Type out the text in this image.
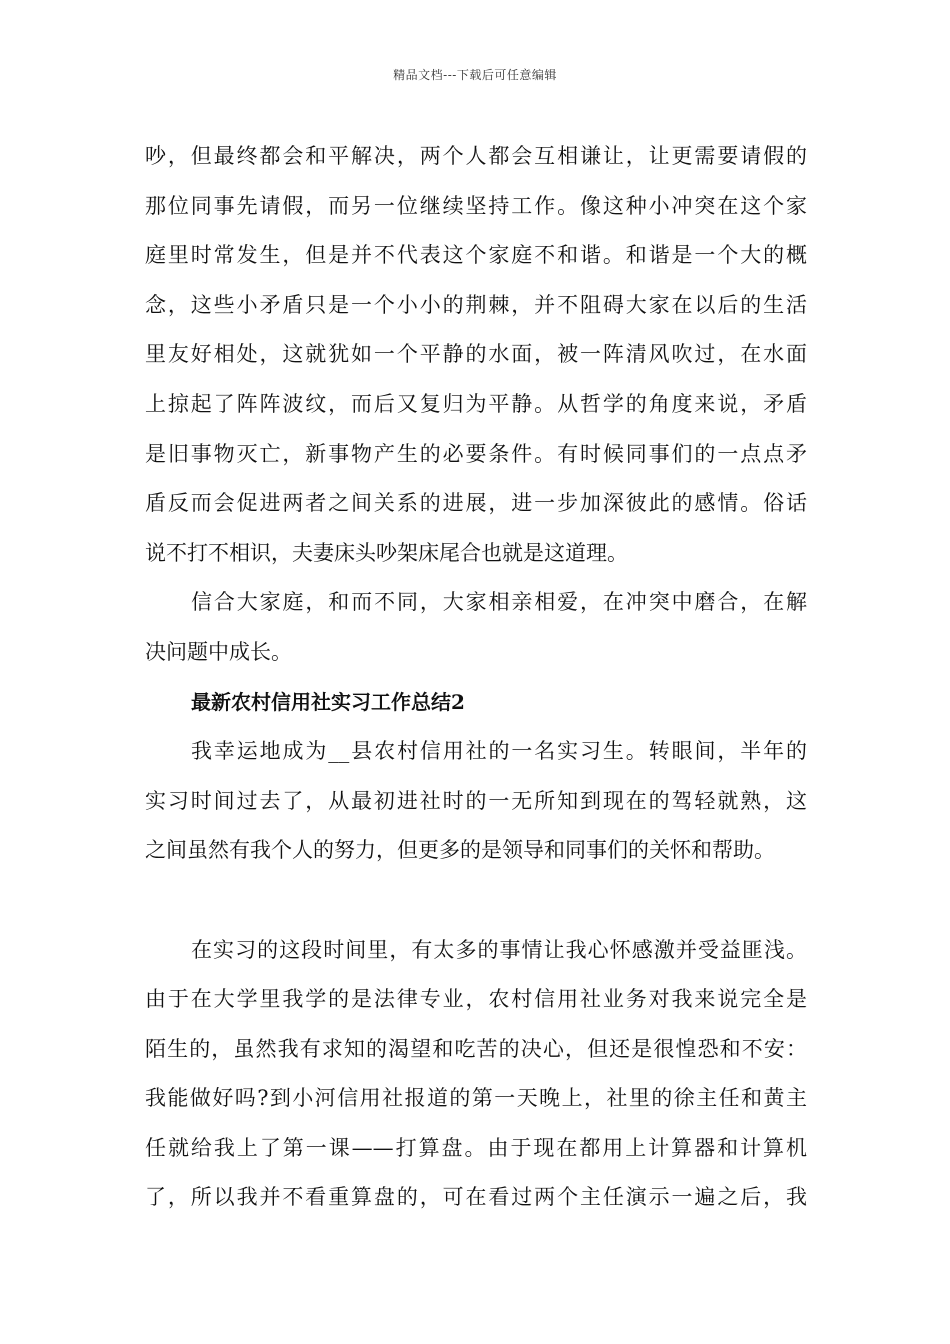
精品文档---下载后可任意编辑

吵，但最终都会和平解决，两个人都会互相谦让，让更需要请假的
那位同事先请假，而另一位继续坚持工作。像这种小冲突在这个家
庭里时常发生，但是并不代表这个家庭不和谐。和谐是一个大的概
念，这些小矛盾只是一个小小的荆棘，并不阻碍大家在以后的生活
里友好相处，这就犹如一个平静的水面，被一阵清风吹过，在水面
上掠起了阵阵波纹，而后又复归为平静。从哲学的角度来说，矛盾
是旧事物灭亡，新事物产生的必要条件。有时候同事们的一点点矛
盾反而会促进两者之间关系的进展，进一步加深彼此的感情。俗话
说不打不相识，夫妻床头吵架床尾合也就是这道理。

信合大家庭，和而不同，大家相亲相爱，在冲突中磨合，在解
决问题中成长。

最新农村信用社实习工作总结2

我幸运地成为__县农村信用社的一名实习生。转眼间，半年的
实习时间过去了，从最初进社时的一无所知到现在的驾轻就熟，这
之间虽然有我个人的努力，但更多的是领导和同事们的关怀和帮助。

在实习的这段时间里，有太多的事情让我心怀感激并受益匪浅。
由于在大学里我学的是法律专业，农村信用社业务对我来说完全是
陌生的，虽然我有求知的渴望和吃苦的决心，但还是很惶恐和不安：
我能做好吗?到小河信用社报道的第一天晚上，社里的徐主任和黄主
任就给我上了第一课——打算盘。由于现在都用上计算器和计算机
了，所以我并不看重算盘的，可在看过两个主任演示一遍之后，我
